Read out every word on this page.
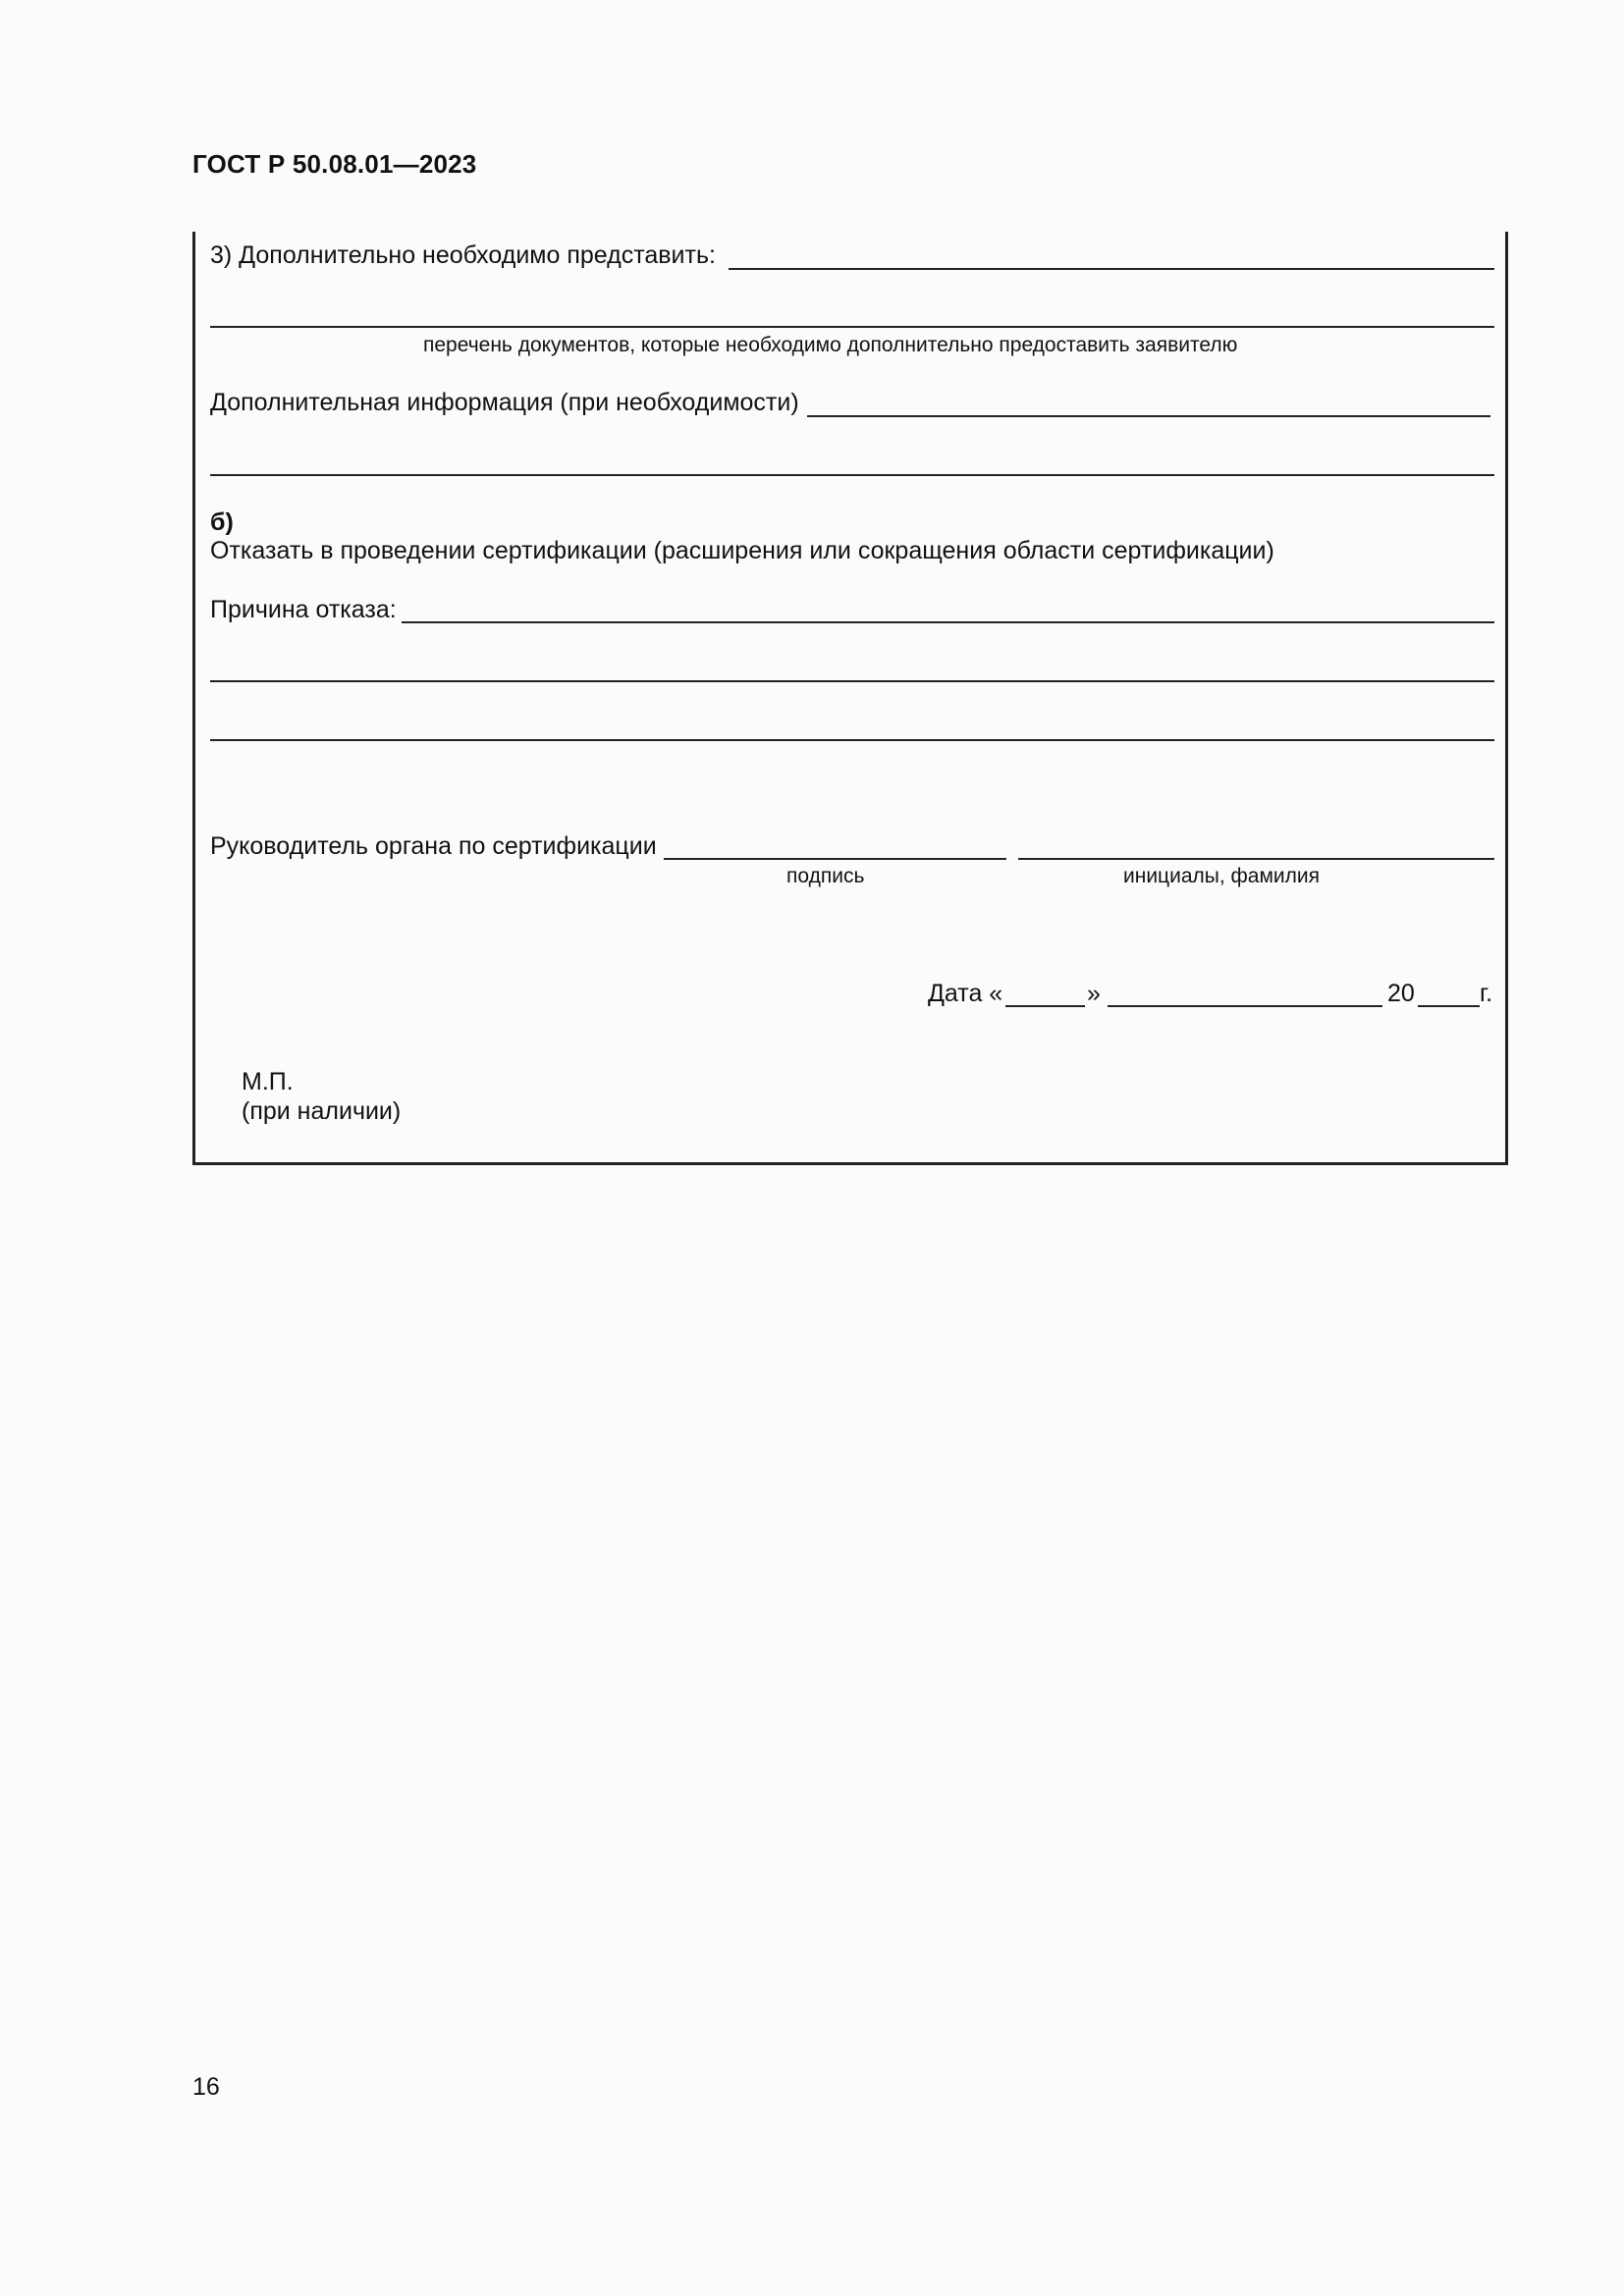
ГОСТ Р 50.08.01—2023
3) Дополнительно необходимо представить:
перечень документов, которые необходимо дополнительно предоставить заявителю
Дополнительная информация (при необходимости)
б)
Отказать в проведении сертификации (расширения или сокращения области сертификации)
Причина отказа:
Руководитель органа по сертификации
подпись	инициалы, фамилия
Дата «	»	20	г.
М.П.
(при наличии)
16
